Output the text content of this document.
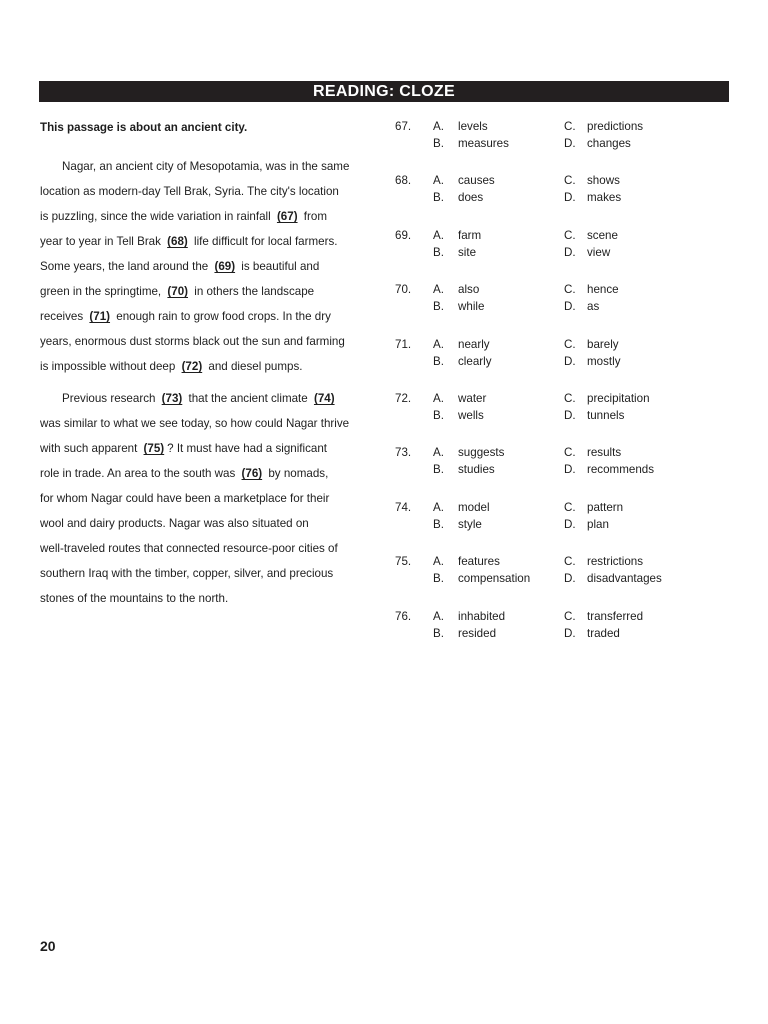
READING: CLOZE
This passage is about an ancient city.

Nagar, an ancient city of Mesopotamia, was in the same
location as modern-day Tell Brak, Syria. The city's location
is puzzling, since the wide variation in rainfall (67) from
year to year in Tell Brak (68) life difficult for local farmers.
Some years, the land around the (69) is beautiful and
green in the springtime, (70) in others the landscape
receives (71) enough rain to grow food crops. In the dry
years, enormous dust storms black out the sun and farming
is impossible without deep (72) and diesel pumps.

Previous research (73) that the ancient climate (74)
was similar to what we see today, so how could Nagar thrive
with such apparent (75) ? It must have had a significant
role in trade. An area to the south was (76) by nomads,
for whom Nagar could have been a marketplace for their
wool and dairy products. Nagar was also situated on
well-traveled routes that connected resource-poor cities of
southern Iraq with the timber, copper, silver, and precious
stones of the mountains to the north.

67. A. levels	C. predictions
B. measures	D. changes
68. A. causes	C. shows
B. does	D. makes
69. A. farm	C. scene
B. site	D. view
70. A. also	C. hence
B. while	D. as
71. A. nearly	C. barely
B. clearly	D. mostly
72. A. water	C. precipitation
B. wells	D. tunnels
73. A. suggests	C. results
B. studies	D. recommends
74. A. model	C. pattern
B. style	D. plan
75. A. features	C. restrictions
B. compensation	D. disadvantages
76. A. inhabited	C. transferred
B. resided	D. traded
20
